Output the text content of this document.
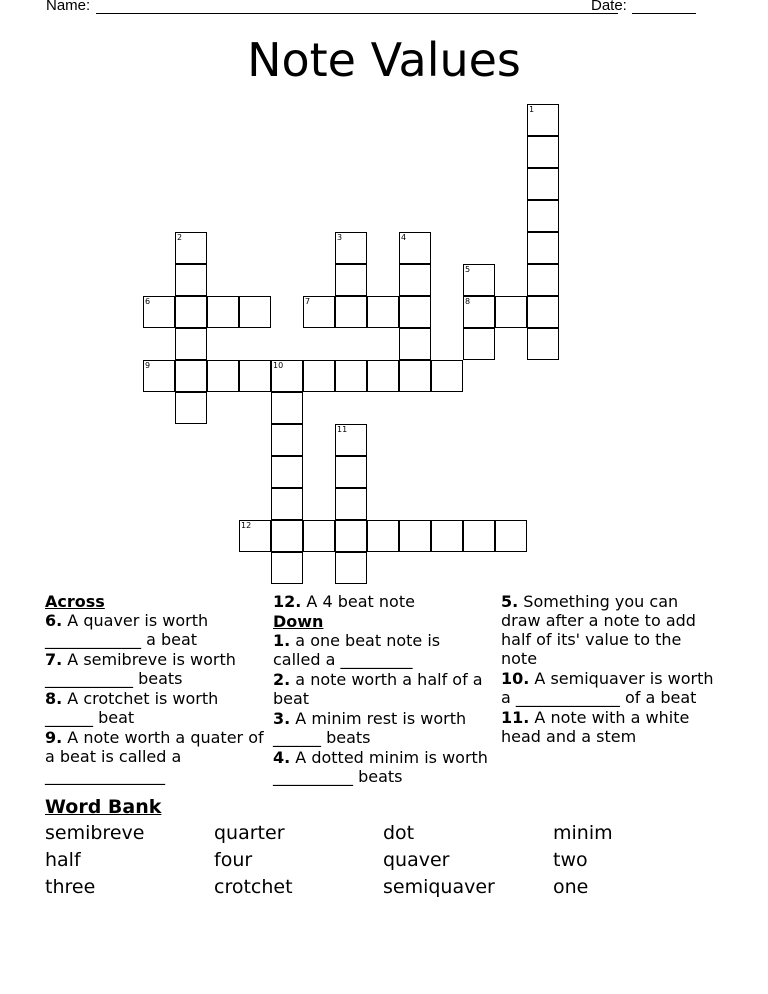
Name:	Date:
Note Values
1
2	3	4
5
6	7	8
9	10
11
12
Across
6. A quaver is worth ____________ a beat
7. A semibreve is worth ___________ beats
8. A crotchet is worth ______ beat
9. A note worth a quater of a beat is called a _______________
12. A 4 beat note
Down
1. a one beat note is called a _________
2. a note worth a half of a beat
3. A minim rest is worth ______ beats
4. A dotted minim is worth __________ beats
5. Something you can draw after a note to add half of its' value to the note
10. A semiquaver is worth a _____________ of a beat
11. A note with a white head and a stem
Word Bank
semibreve	quarter	dot	minim
half	four	quaver	two
three	crotchet	semiquaver	one
